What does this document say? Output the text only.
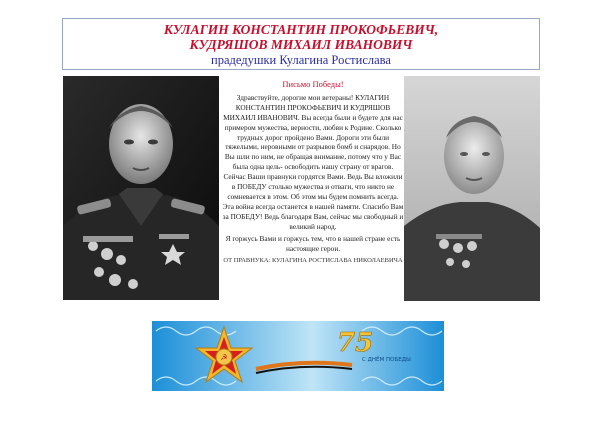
КУЛАГИН КОНСТАНТИН ПРОКОФЬЕВИЧ,
КУДРЯШОВ МИХАИЛ ИВАНОВИЧ
прадедушки Кулагина Ростислава
Письмо Победы!

Здравствуйте, дорогие мои ветераны! КУЛАГИН КОНСТАНТИН ПРОКОФЬЕВИЧ И КУДРЯШОВ МИХАИЛ ИВАНОВИЧ. Вы всегда были и будете для нас примером мужества, верности, любви к Родине. Сколько трудных дорог пройдено Вами. Дороги эти были тяжелыми, неровными от разрывов бомб и снарядов. Но Вы шли по ним, не обращая внимание, потому что у Вас была одна цель- освободить нашу страну от врагов. Сейчас Ваши правнуки гордятся Вами. Ведь Вы вложили в ПОБЕДУ столько мужества и отваги, что никто не сомневается в этом. Об этом мы будем помнить всегда. Эта война всегда останется в нашей памяти. Спасибо Вам за ПОБЕДУ! Ведь благодаря Вам, сейчас мы свободный и великий народ.

Я горжусь Вами и горжусь тем, что в нашей стране есть настоящие герои.

ОТ ПРАВНУКА: КУЛАГИНА РОСТИСЛАВА НИКОЛАЕВИЧА
☭	75
С ДНЁМ ПОБЕДЫ
